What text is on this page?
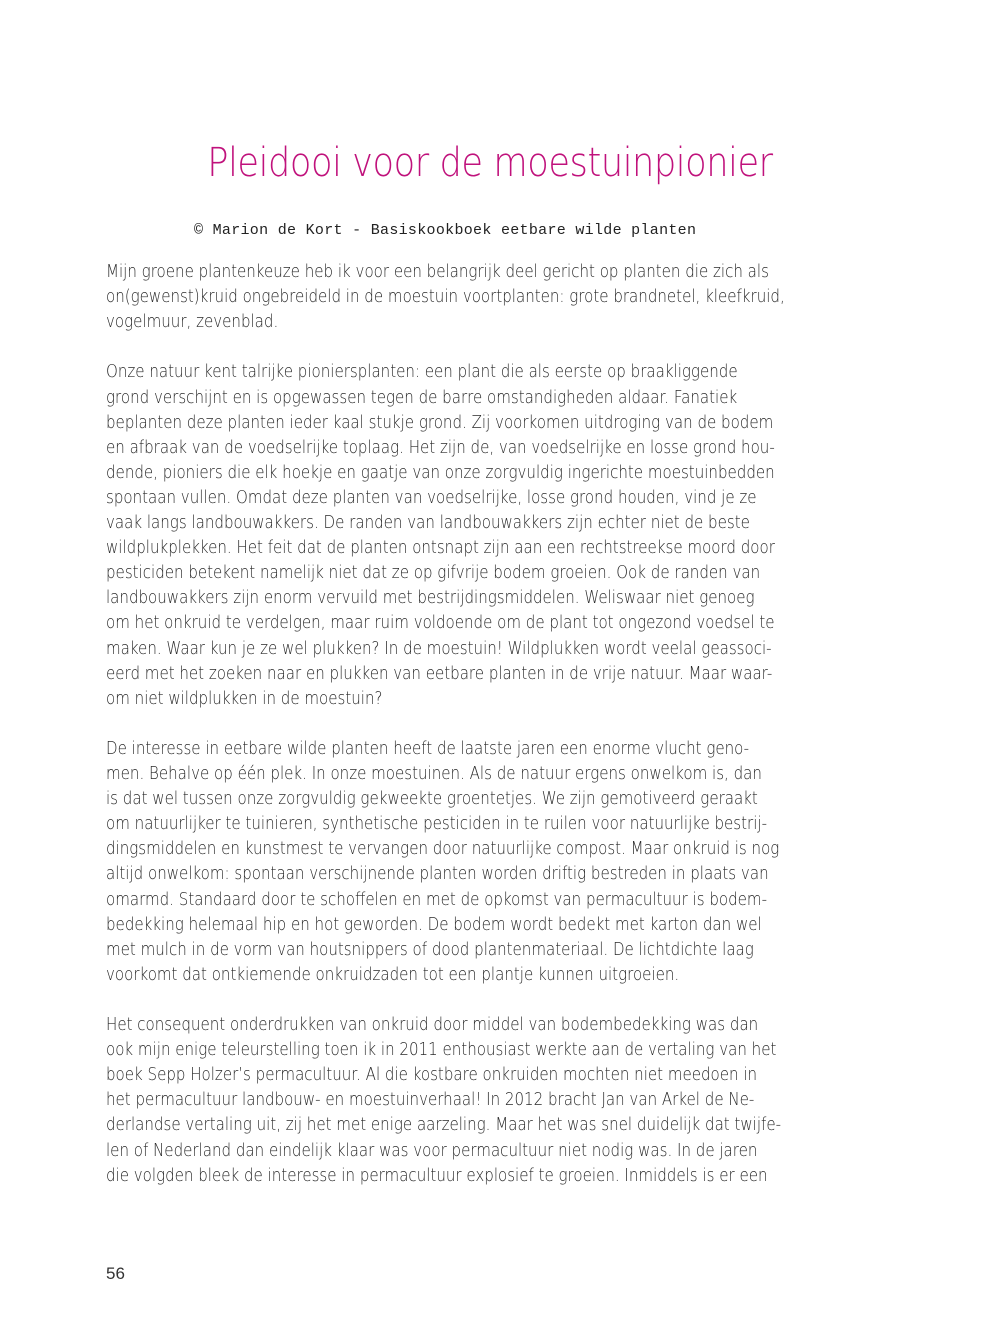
Pleidooi voor de moestuinpionier
© Marion de Kort - Basiskookboek eetbare wilde planten
Mijn groene plantenkeuze heb ik voor een belangrijk deel gericht op planten die zich als
on(gewenst)kruid ongebreideld in de moestuin voortplanten: grote brandnetel, kleefkruid,
vogelmuur, zevenblad.
Onze natuur kent talrijke pioniersplanten: een plant die als eerste op braakliggende
grond verschijnt en is opgewassen tegen de barre omstandigheden aldaar. Fanatiek
beplanten deze planten ieder kaal stukje grond. Zij voorkomen uitdroging van de bodem
en afbraak van de voedselrijke toplaag. Het zijn de, van voedselrijke en losse grond hou-
dende, pioniers die elk hoekje en gaatje van onze zorgvuldig ingerichte moestuinbedden
spontaan vullen. Omdat deze planten van voedselrijke, losse grond houden, vind je ze
vaak langs landbouwakkers. De randen van landbouwakkers zijn echter niet de beste
wildplukplekken. Het feit dat de planten ontsnapt zijn aan een rechtstreekse moord door
pesticiden betekent namelijk niet dat ze op gifvrije bodem groeien. Ook de randen van
landbouwakkers zijn enorm vervuild met bestrijdingsmiddelen. Weliswaar niet genoeg
om het onkruid te verdelgen, maar ruim voldoende om de plant tot ongezond voedsel te
maken. Waar kun je ze wel plukken? In de moestuin! Wildplukken wordt veelal geassoci-
eerd met het zoeken naar en plukken van eetbare planten in de vrije natuur. Maar waar-
om niet wildplukken in de moestuin?
De interesse in eetbare wilde planten heeft de laatste jaren een enorme vlucht geno-
men. Behalve op één plek. In onze moestuinen. Als de natuur ergens onwelkom is, dan
is dat wel tussen onze zorgvuldig gekweekte groentetjes. We zijn gemotiveerd geraakt
om natuurlijker te tuinieren, synthetische pesticiden in te ruilen voor natuurlijke bestrij-
dingsmiddelen en kunstmest te vervangen door natuurlijke compost. Maar onkruid is nog
altijd onwelkom: spontaan verschijnende planten worden driftig bestreden in plaats van
omarmd. Standaard door te schoffelen en met de opkomst van permacultuur is bodem-
bedekking helemaal hip en hot geworden. De bodem wordt bedekt met karton dan wel
met mulch in de vorm van houtsnippers of dood plantenmateriaal. De lichtdichte laag
voorkomt dat ontkiemende onkruidzaden tot een plantje kunnen uitgroeien.
Het consequent onderdrukken van onkruid door middel van bodembedekking was dan
ook mijn enige teleurstelling toen ik in 2011 enthousiast werkte aan de vertaling van het
boek Sepp Holzer’s permacultuur. Al die kostbare onkruiden mochten niet meedoen in
het permacultuur landbouw- en moestuinverhaal! In 2012 bracht Jan van Arkel de Ne-
derlandse vertaling uit, zij het met enige aarzeling. Maar het was snel duidelijk dat twijfe-
len of Nederland dan eindelijk klaar was voor permacultuur niet nodig was. In de jaren
die volgden bleek de interesse in permacultuur explosief te groeien. Inmiddels is er een
56
